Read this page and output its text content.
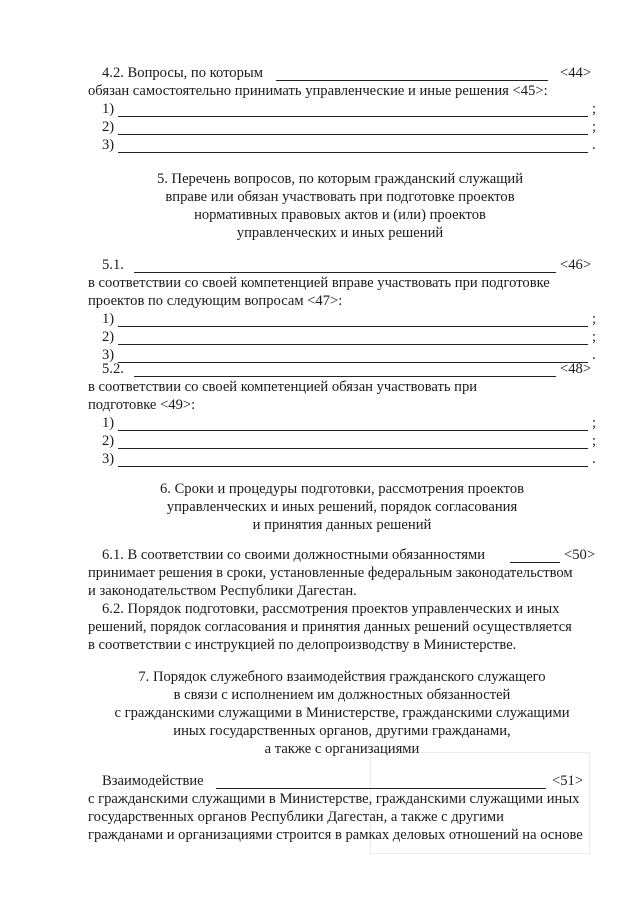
4.2. Вопросы, по которым	<44>
обязан самостоятельно принимать управленческие и иные решения <45>:
1)	;
2)	;
3)	.
5. Перечень вопросов, по которым гражданский служащий
вправе или обязан участвовать при подготовке проектов
нормативных правовых актов и (или) проектов
управленческих и иных решений
5.1.	<46>
в соответствии со своей компетенцией вправе участвовать при подготовке
проектов по следующим вопросам <47>:
1)	;
2)	;
3)	.
5.2.	<48>
в соответствии со своей компетенцией обязан участвовать при
подготовке <49>:
1)	;
2)	;
3)	.
6. Сроки и процедуры подготовки, рассмотрения проектов
управленческих и иных решений, порядок согласования
и принятия данных решений
6.1. В соответствии со своими должностными обязанностями	<50>
принимает решения в сроки, установленные федеральным законодательством
и законодательством Республики Дагестан.
6.2. Порядок подготовки, рассмотрения проектов управленческих и иных
решений, порядок согласования и принятия данных решений осуществляется
в соответствии с инструкцией по делопроизводству в Министерстве.
7. Порядок служебного взаимодействия гражданского служащего
в связи с исполнением им должностных обязанностей
с гражданскими служащими в Министерстве, гражданскими служащими
иных государственных органов, другими гражданами,
а также с организациями
Взаимодействие	<51>
с гражданскими служащими в Министерстве, гражданскими служащими иных
государственных органов Республики Дагестан, а также с другими
гражданами и организациями строится в рамках деловых отношений на основе
